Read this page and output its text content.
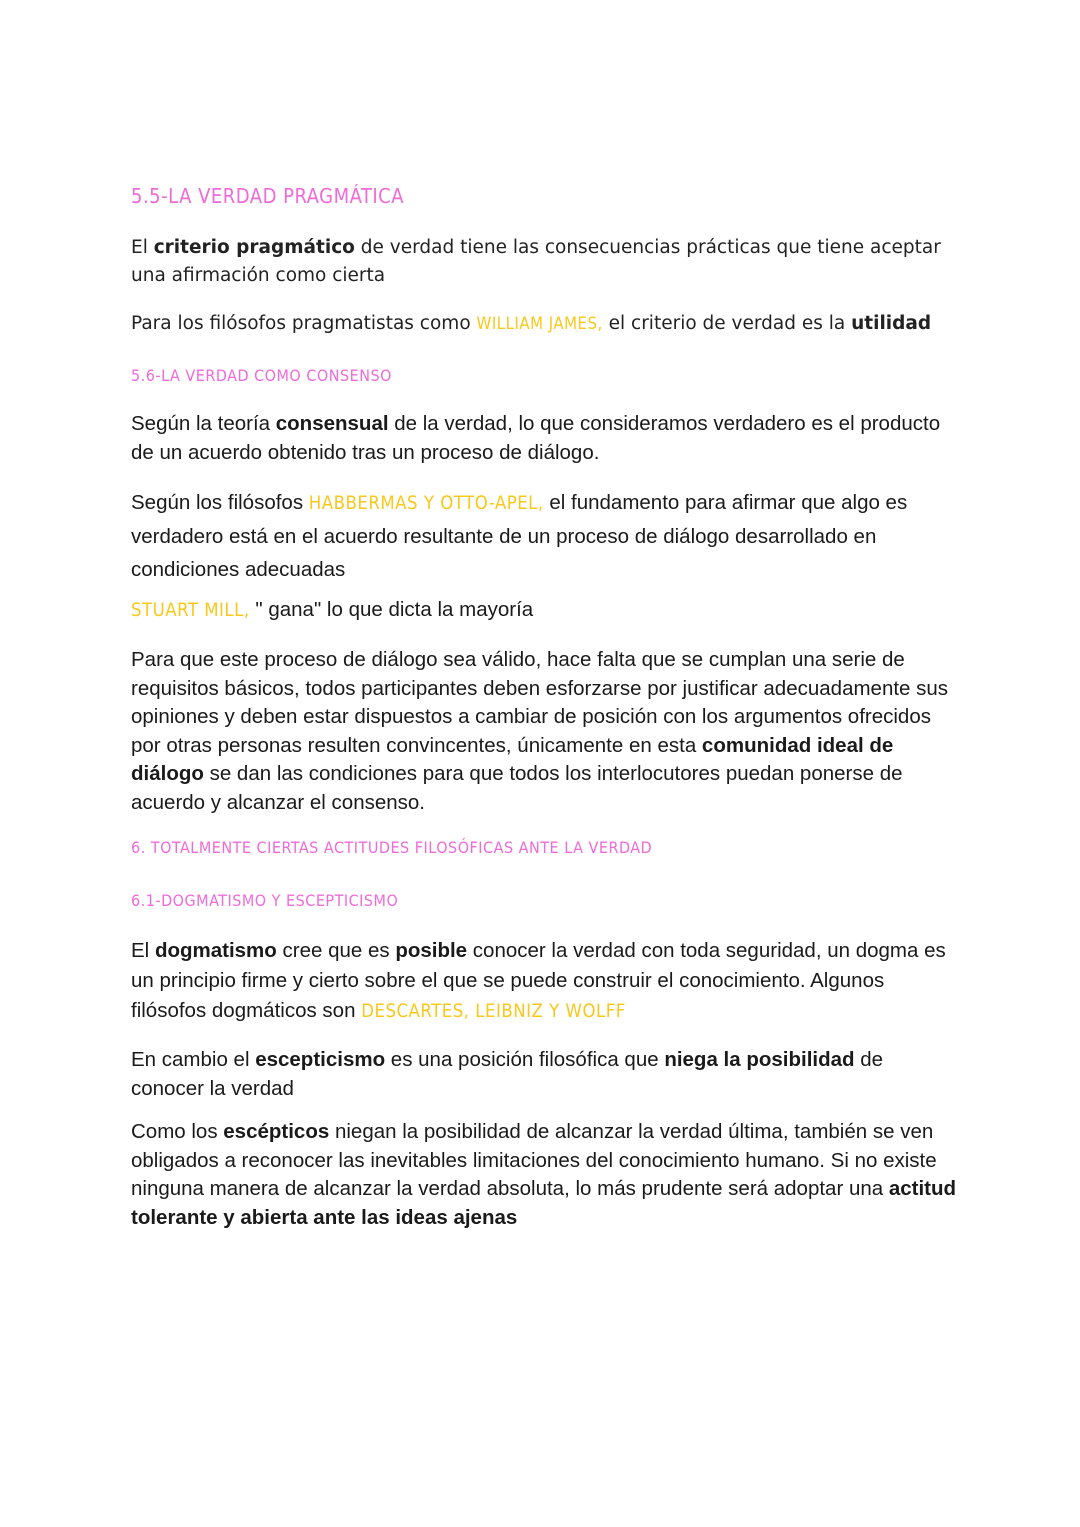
5.5-LA VERDAD PRAGMÁTICA

El criterio pragmático de verdad tiene las consecuencias prácticas que tiene aceptar una afirmación como cierta

Para los filósofos pragmatistas como WILLIAM JAMES, el criterio de verdad es la utilidad

5.6-LA VERDAD COMO CONSENSO

Según la teoría consensual de la verdad, lo que consideramos verdadero es el producto de un acuerdo obtenido tras un proceso de diálogo.

Según los filósofos HABBERMAS Y OTTO-APEL, el fundamento para afirmar que algo es verdadero está en el acuerdo resultante de un proceso de diálogo desarrollado en condiciones adecuadas

STUART MILL, " gana" lo que dicta la mayoría

Para que este proceso de diálogo sea válido, hace falta que se cumplan una serie de requisitos básicos, todos participantes deben esforzarse por justificar adecuadamente sus opiniones y deben estar dispuestos a cambiar de posición con los argumentos ofrecidos por otras personas resulten convincentes, únicamente en esta comunidad ideal de diálogo se dan las condiciones para que todos los interlocutores puedan ponerse de acuerdo y alcanzar el consenso.

6. TOTALMENTE CIERTAS ACTITUDES FILOSÓFICAS ANTE LA VERDAD
6.1-DOGMATISMO Y ESCEPTICISMO

El dogmatismo cree que es posible conocer la verdad con toda seguridad, un dogma es un principio firme y cierto sobre el que se puede construir el conocimiento. Algunos filósofos dogmáticos son DESCARTES, LEIBNIZ Y WOLFF

En cambio el escepticismo es una posición filosófica que niega la posibilidad de conocer la verdad

Como los escépticos niegan la posibilidad de alcanzar la verdad última, también se ven obligados a reconocer las inevitables limitaciones del conocimiento humano. Si no existe ninguna manera de alcanzar la verdad absoluta, lo más prudente será adoptar una actitud tolerante y abierta ante las ideas ajenas
